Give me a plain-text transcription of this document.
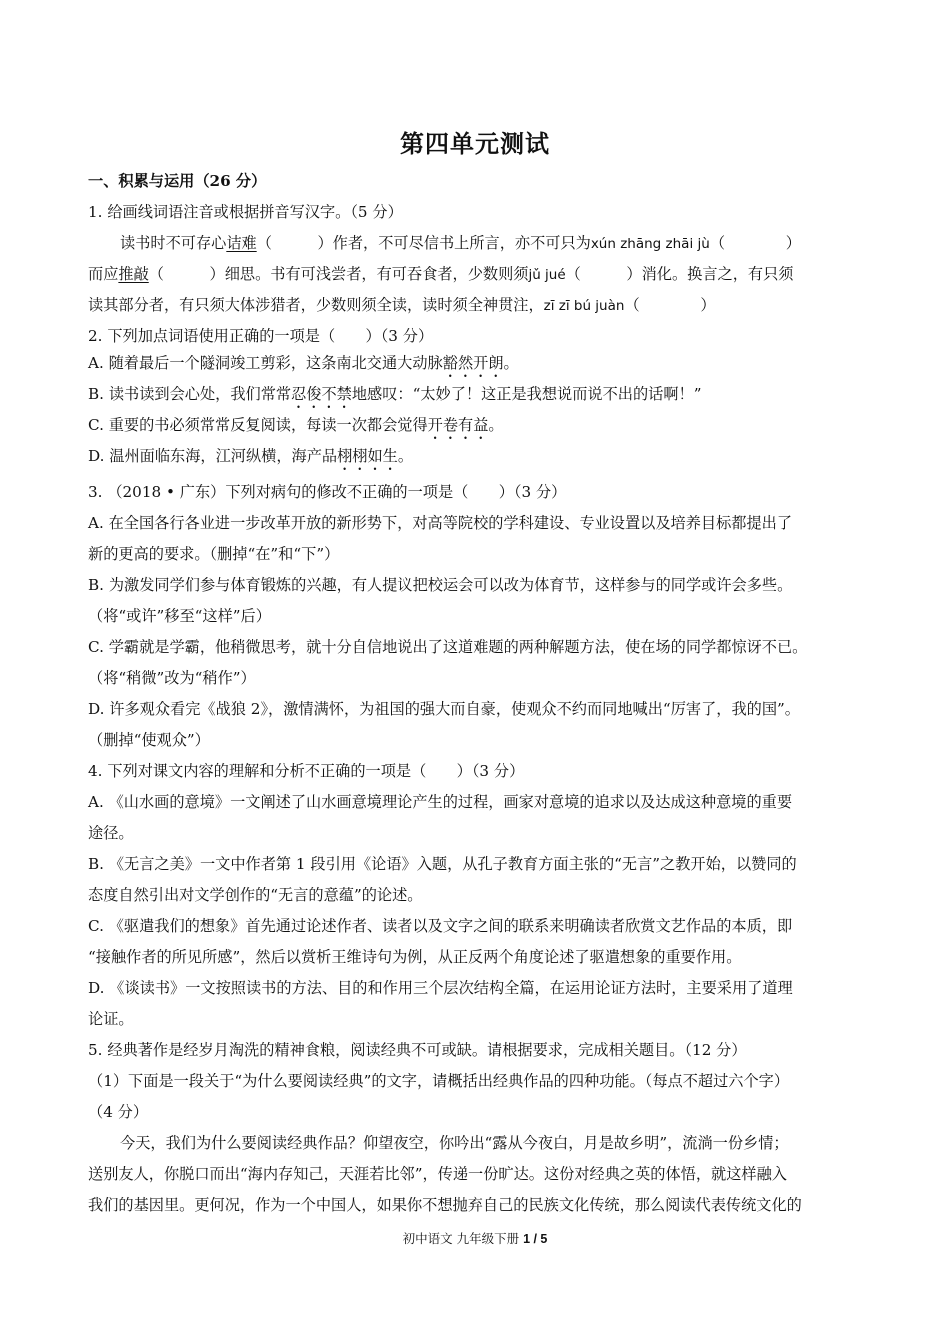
第四单元测试
一、积累与运用（26 分）
1. 给画线词语注音或根据拼音写汉字。（5 分）
读书时不可存心诘难（　　　）作者，不可尽信书上所言，亦不可只为xún zhāng zhāi jù（　　　　）
而应推敲（　　　）细思。书有可浅尝者，有可吞食者，少数则须jǔ jué（　　　）消化。换言之，有只须
读其部分者，有只须大体涉猎者，少数则须全读，读时须全神贯注，zī zī bú juàn（　　　　）
2. 下列加点词语使用正确的一项是（　　）（3 分）
A. 随着最后一个隧洞竣工剪彩，这条南北交通大动脉豁然开朗。
B. 读书读到会心处，我们常常忍俊不禁地感叹：“太妙了！这正是我想说而说不出的话啊！”
C. 重要的书必须常常反复阅读，每读一次都会觉得开卷有益。
D. 温州面临东海，江河纵横，海产品栩栩如生。
3. （2018 • 广东）下列对病句的修改不正确的一项是（　　）（3 分）
A. 在全国各行各业进一步改革开放的新形势下，对高等院校的学科建设、专业设置以及培养目标都提出了
新的更高的要求。（删掉“在”和“下”）
B. 为激发同学们参与体育锻炼的兴趣，有人提议把校运会可以改为体育节，这样参与的同学或许会多些。
（将“或许”移至“这样”后）
C. 学霸就是学霸，他稍微思考，就十分自信地说出了这道难题的两种解题方法，使在场的同学都惊讶不已。
（将“稍微”改为“稍作”）
D. 许多观众看完《战狼 2》，激情满怀，为祖国的强大而自豪，使观众不约而同地喊出“厉害了，我的国”。
（删掉“使观众”）
4. 下列对课文内容的理解和分析不正确的一项是（　　）（3 分）
A. 《山水画的意境》一文阐述了山水画意境理论产生的过程，画家对意境的追求以及达成这种意境的重要
途径。
B. 《无言之美》一文中作者第 1 段引用《论语》入题，从孔子教育方面主张的“无言”之教开始，以赞同的
态度自然引出对文学创作的“无言的意蕴”的论述。
C. 《驱遣我们的想象》首先通过论述作者、读者以及文字之间的联系来明确读者欣赏文艺作品的本质，即
“接触作者的所见所感”，然后以赏析王维诗句为例，从正反两个角度论述了驱遣想象的重要作用。
D. 《谈读书》一文按照读书的方法、目的和作用三个层次结构全篇，在运用论证方法时，主要采用了道理
论证。
5. 经典著作是经岁月淘洗的精神食粮，阅读经典不可或缺。请根据要求，完成相关题目。（12 分）
（1）下面是一段关于“为什么要阅读经典”的文字，请概括出经典作品的四种功能。（每点不超过六个字）
（4 分）
今天，我们为什么要阅读经典作品？仰望夜空，你吟出“露从今夜白，月是故乡明”，流淌一份乡情；
送别友人，你脱口而出“海内存知己，天涯若比邻”，传递一份旷达。这份对经典之英的体悟，就这样融入
我们的基因里。更何况，作为一个中国人，如果你不想抛弃自己的民族文化传统，那么阅读代表传统文化的
初中语文 九年级下册 1 / 5
